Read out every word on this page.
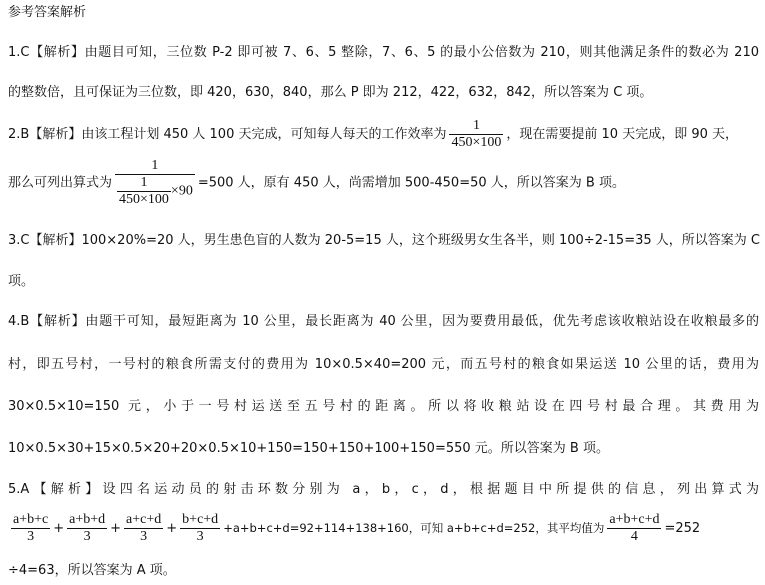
参考答案解析
1.C【解析】由题目可知，三位数 P-2 即可被 7、6、5 整除，7、6、5 的最小公倍数为 210，则其他满足条件的数必为 210
的整数倍，且可保证为三位数，即 420，630，840，那么 P 即为 212，422，632，842，所以答案为 C 项。
2.B【解析】由该工程计划 450 人 100 天完成，可知每人每天的工作效率为 $\frac{1}{450\times 100}$ ，现在需要提前 10 天完成，即 90 天，
那么可列出算式为 $\frac{1}{\frac{1}{450\times 100} \times 90} =500$ 人，原有 450 人，尚需增加 500-450=50 人，所以答案为 B 项。
3.C【解析】100×20%=20 人，男生患色盲的人数为 20-5=15 人，这个班级男女生各半，则 100÷2-15=35 人，所以答案为 C
项。
4.B【解析】由题干可知，最短距离为 10 公里，最长距离为 40 公里，因为要费用最低，优先考虑该收粮站设在收粮最多的
村，即五号村，一号村的粮食所需支付的费用为 10×0.5×40=200 元，而五号村的粮食如果运送 10 公里的话，费用为
30×0.5×10=150 元，小于一号村运送至五号村的距离。所以将收粮站设在四号村最合理。其费用为
10×0.5×30+15×0.5×20+20×0.5×10+150=150+150+100+150=550 元。所以答案为 B 项。
5.A【解析】设四名运动员的射击环数分别为 a，b，c，d，根据题目中所提供的信息，列出算式为
$\frac{a+b+c}{3} + \frac{a+b+d}{3} + \frac{a+c+d}{3} + \frac{b+c+d}{3} +a+b+c+d=92+114+138+160$，可知 a+b+c+d=252，其平均值为 $\frac{a+b+c+d}{4} =252$
÷4=63，所以答案为 A 项。
